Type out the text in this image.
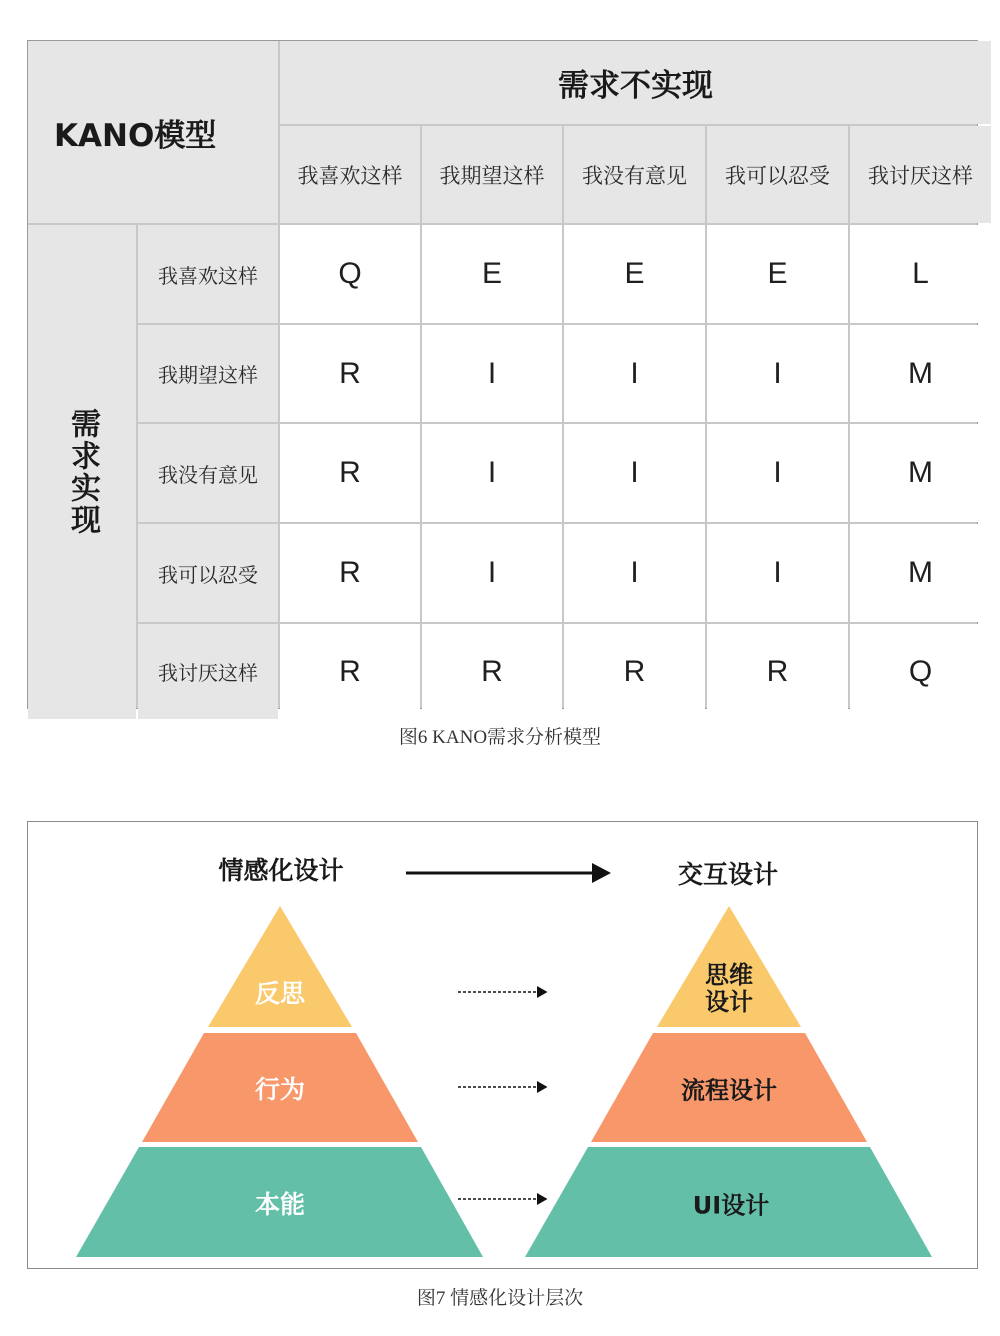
KANO模型
需求不实现
我喜欢这样	我期望这样	我没有意见	我可以忍受	我讨厌这样
需求实现
我喜欢这样	Q	E	E	E	L
我期望这样	R	I	I	I	M
我没有意见	R	I	I	I	M
我可以忍受	R	I	I	I	M
我讨厌这样	R	R	R	R	Q
图6 KANO需求分析模型
情感化设计	交互设计
反思
行为
本能
思维
设计
流程设计
UI设计
图7 情感化设计层次
